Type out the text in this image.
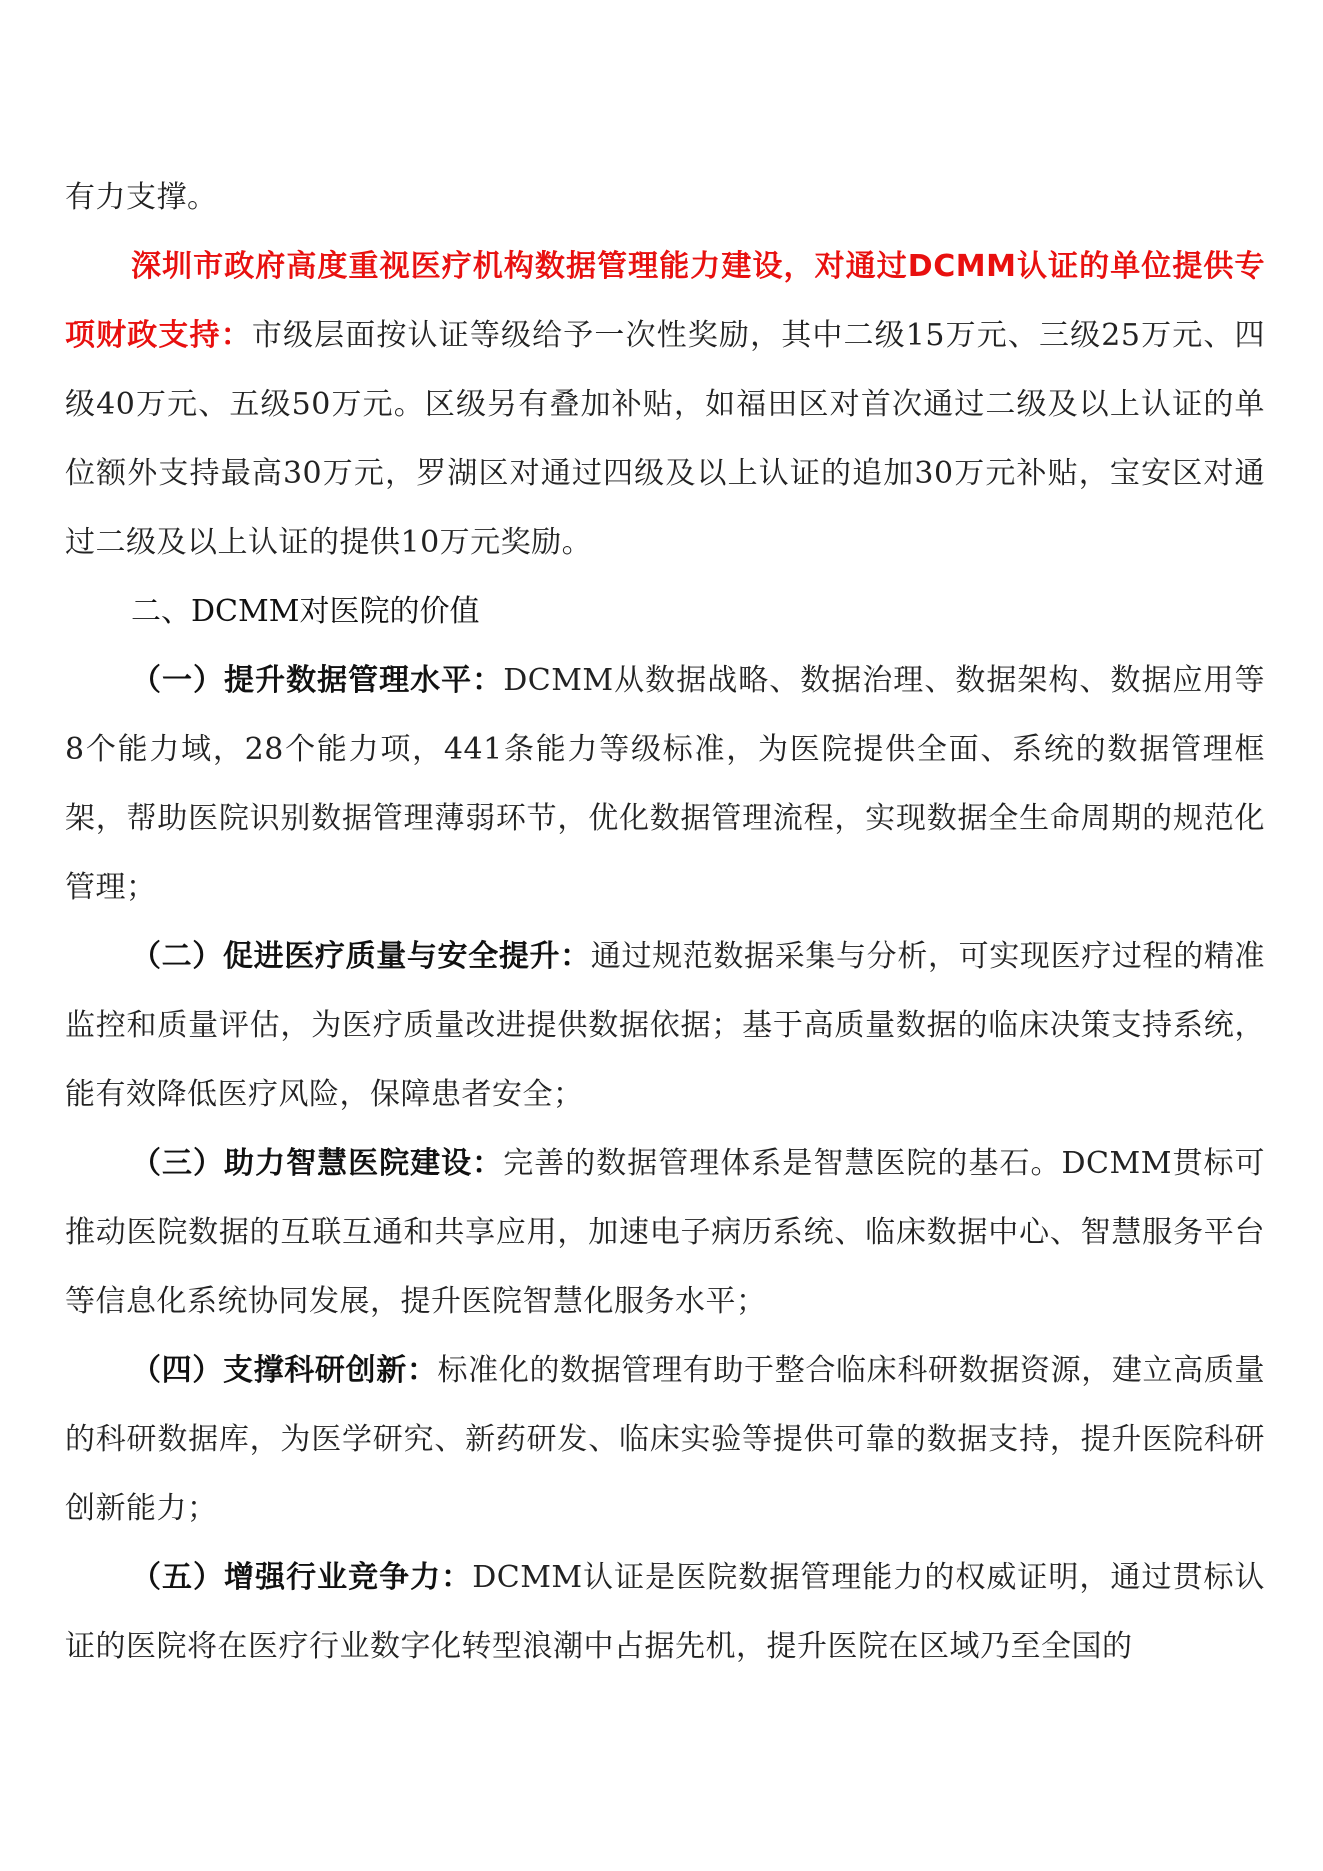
有力支撑。

深圳市政府高度重视医疗机构数据管理能力建设，对通过DCMM认证的单位提供专项财政支持：市级层面按认证等级给予一次性奖励，其中二级15万元、三级25万元、四级40万元、五级50万元。区级另有叠加补贴，如福田区对首次通过二级及以上认证的单位额外支持最高30万元，罗湖区对通过四级及以上认证的追加30万元补贴，宝安区对通过二级及以上认证的提供10万元奖励。

二、DCMM对医院的价值

（一）提升数据管理水平：DCMM从数据战略、数据治理、数据架构、数据应用等8个能力域，28个能力项，441条能力等级标准，为医院提供全面、系统的数据管理框架，帮助医院识别数据管理薄弱环节，优化数据管理流程，实现数据全生命周期的规范化管理；

（二）促进医疗质量与安全提升：通过规范数据采集与分析，可实现医疗过程的精准监控和质量评估，为医疗质量改进提供数据依据；基于高质量数据的临床决策支持系统，能有效降低医疗风险，保障患者安全；

（三）助力智慧医院建设：完善的数据管理体系是智慧医院的基石。DCMM贯标可推动医院数据的互联互通和共享应用，加速电子病历系统、临床数据中心、智慧服务平台等信息化系统协同发展，提升医院智慧化服务水平；

（四）支撑科研创新：标准化的数据管理有助于整合临床科研数据资源，建立高质量的科研数据库，为医学研究、新药研发、临床实验等提供可靠的数据支持，提升医院科研创新能力；

（五）增强行业竞争力：DCMM认证是医院数据管理能力的权威证明，通过贯标认证的医院将在医疗行业数字化转型浪潮中占据先机，提升医院在区域乃至全国的
